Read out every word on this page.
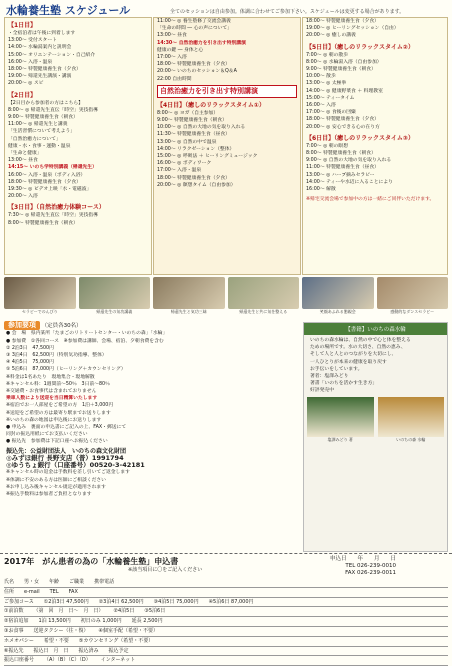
水輪養生塾 スケジュール	全てのセッションは自由参加。体調に合わせてご参加下さい。スケジュールは変更する場合があります。
【1日目】
・全宿泊者は午後に到着します
13:00〜 受付スタート
14:00〜 水輪湯案内と説明会
15:00〜 オリエンテーション・自己紹介
16:00〜 入浴・温泉
18:00〜 特製健康養生食（夕食）
19:00〜 帰還先生講演・講演
20:00〜 ◎ スピ
【2日目】
【2日目から参加者の方はこちら】
8:00〜 ◎ 帰還先生直伝「時空」実技指導
9:00〜 特製健康養生食（朝食）
11:00〜 ◎ 帰還先生と講義
「生活習慣について考えよう」
「自然治癒力について」
健康・水・食事・運動・温泉
「生命と健康」
13:00〜 昼食
14:15〜 いのち学特別講義（帰還先生）
16:00〜 入浴・温泉（ボディ入浴）
18:00〜 特製健康養生食（夕食）
19:30〜 ◎ ビデオ上映「水・電磁波」
20:00〜 入浴
【3日目】（自然治癒力体験コース）
7:30〜 ◎ 帰還先生直伝「時空」実技指導
8:00〜 特製健康養生食（朝食）
11:00〜 ◎ 養生塾修了交流会講義
「生命の時間 ― 心の声について」
13:00〜 昼食
14:30〜 自然治癒力を引き出す特別講演
健康の鍵 ― 身体と心
17:00〜 入浴
18:00〜 特製健康養生食（夕食）
20:00〜 いのちのセッション＆Q＆A
22:00 自由時間
自然治癒力を引き出す特別講演
【4日目】（癒しのリラックスタイム①）
8:00〜 ◎ ヨガ（自主参加）
9:00〜 特製健康養生食（朝食）
10:00〜 ◎ 自然の大地の気を取り入れる
11:30〜 特製健康養生食（昼食）
13:00〜 ◎ 自然の中で温泉
14:00〜 リラクゼーション（整体）
15:00〜 ◎ 呼吸法 ＋ ヒーリングミュージック
16:00〜 ◎ ボディワーク
17:00〜 入浴・温泉
18:00〜 特製健康養生食（夕食）
20:00〜 ◎ 瞑想タイム（自由参加）
18:00〜 特製健康養生食（夕食）
19:00〜 ◎ ヒーリングセッション（自由）
20:00〜 ◎ 癒しの講義
【5日目】（癒しのリラックスタイム②）
7:00〜 ◎ 朝の散歩
8:00〜 ◎ 水輪湯入浴（自由参加）
9:00〜 特製健康養生食（朝食）
10:00〜 散歩
13:00〜 ◎ 太極拳
14:00〜 ◎ 健康野菜食 ＋ 料理教室
15:00〜 ティータイム
16:00〜 入浴
17:00〜 ◎ 食後の団欒
18:00〜 特製健康養生食（夕食）
20:00〜 ◎ 安心できる心の在り方
【6日目】（癒しのリラックスタイム③）
7:00〜 ◎ 朝の瞑想
8:00〜 特製健康養生食（朝食）
9:00〜 ◎ 自然の大地の気を取り入れる
11:00〜 特製健康養生食（昼食）
13:00〜 ◎ ハーブ摘みセラピー
14:00〜 ティーや水辺に入ることにより
16:00〜 解散
※帰宅交流会場で参加中の方は一緒にご同伴いただけます。
セラピーでのんびり	帰還先生の気功講義	帰還先生と気功三昧	帰還先生と共に気を整える	笑顔あふれる懇親会	感動的なダンスセラピー
参加要項 （定員各30名）
● 会　場　県内某所「たまごのリトリートセンター・いのちの森」「水輪」
● 参加費　①各回コース　※参加費は講師、会場、宿泊、夕朝食費を含む
② 2泊3日　47,500円
③ 3泊4日　62,500円（特別気功指導、整体）
④ 4泊5日　75,000円
⑤ 5泊6日　87,000円（ヒーリング＋カウンセリング）
※料金は1名あたり　現地集合・現地解散
※キャンセル料：1週間前〜50％　3日前〜80％
※交通費・お食事代は含まれておりません
乗車人数により送迎を当日精算いたします
※宿泊でお一人部屋をご希望の方　1泊＋3,000円
※送迎をご希望の方は最寄り駅までお送りします
※いのちの森の地図は申込後にお送りします
● 申込み　裏面の申込書にご記入の上、FAX・郵送にて
同封の振込用紙にてお支払いください
● 振込先　参加費は下記口座へお振込ください
振込先：公益財団法人　いのちの森文化財団
◎みずほ銀行 長野支店（普）1991794
◎ゆうちょ銀行（口座番号）00520-3-42181
※キャンセル時の返金は手数料を差し引いてご返金します
※体調に不安のある方は医師にご相談ください
※お申し込み後キャンセル規定が適用されます
※振込手数料は参加者ご負担となります
【書籍】いのちの森水輪
いのちの森水輪は、自然の中で心と体を整える
ための場所です。水の大切さ、自然の恵み、
そして人と人とのつながりを大切にし、
一人ひとりが本来の健康を取り戻す
お手伝いをしています。
著者：塩澤みどり
著書「いのちを活かす生き方」
好評発売中
塩澤みどり 著	いのちの森 水輪
2017年　がん患者の為の「水輪養生塾」申込書
※該当項目に〇をご記入ください
申込日　　年　　月　　日
TEL 026-239-0010
FAX 026-239-0011
氏名 男・女 年齢 ご職業 携帯電話
住所 e-mail TEL FAX
ご参加コース ①2泊3日 47,500円 ②3泊4日 62,500円 ③4泊5日 75,000円 ④5泊6日 87,000円
①前泊数 （第　回　月　日〜　月　日） ②4泊5日 ③5泊6日
②宿泊追加 1泊 13,500円 初日のみ 1,000円 延長 2,500円
③お食事 送迎タクシー（往・復） ④個室手配（希望・不要）
ホメオパシー 希望・不要 ⑤カウンセリング（希望・不要）
⑥振込先 振込日　月　日 振込済み 振込予定
振込口座番号 （A）（B）（C）（D） インターネット
